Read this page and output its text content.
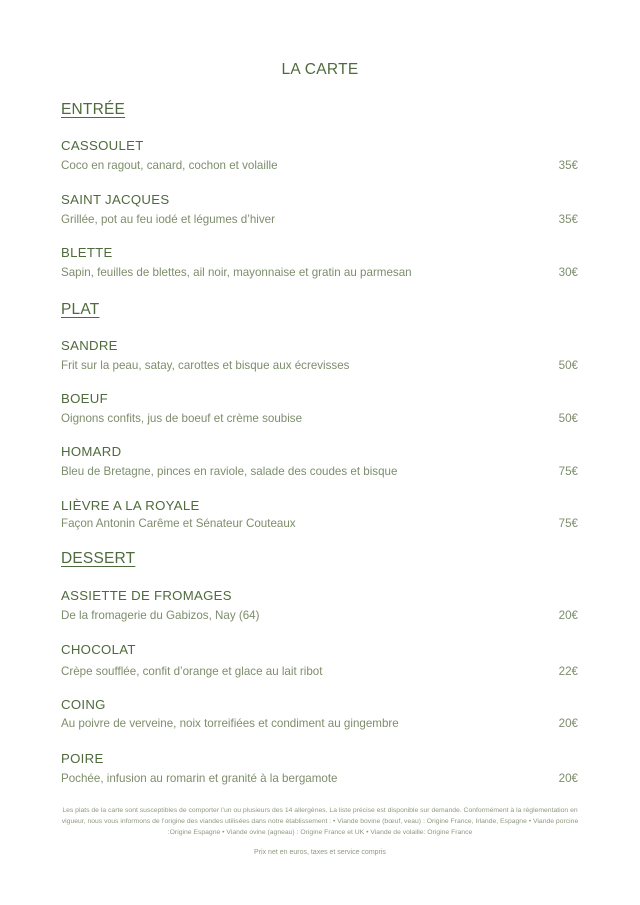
LA CARTE
ENTRÉE
CASSOULET
Coco en ragout, canard, cochon et volaille	35€
SAINT JACQUES
Grillée, pot au feu iodé et légumes d’hiver	35€
BLETTE
Sapin, feuilles de blettes, ail noir, mayonnaise et gratin au parmesan	30€
PLAT
SANDRE
Frit sur la peau, satay, carottes et bisque aux écrevisses	50€
BOEUF
Oignons confits, jus de boeuf et crème soubise	50€
HOMARD
Bleu de Bretagne, pinces en raviole, salade des coudes et bisque	75€
LIÈVRE A LA ROYALE
Façon Antonin Carême et Sénateur Couteaux	75€
DESSERT
ASSIETTE DE FROMAGES
De la fromagerie du Gabizos, Nay (64)	20€
CHOCOLAT
Crèpe soufflée, confit d’orange et glace au lait ribot	22€
COING
Au poivre de verveine, noix torreifiées et condiment au gingembre	20€
POIRE
Pochée, infusion au romarin et granité à la bergamote	20€
Les plats de la carte sont susceptibles de comporter l’un ou plusieurs des 14 allergènes. La liste précise est disponible sur demande. Conformément à la réglementation en vigueur, nous vous informons de l’origine des viandes utilisées dans notre établissement : • Viande bovine (bœuf, veau) : Origine France, Irlande, Espagne • Viande porcine :Origine Espagne • Viande ovine (agneau) : Origine France et UK • Viande de volaille: Origine France
Prix net en euros, taxes et service compris
